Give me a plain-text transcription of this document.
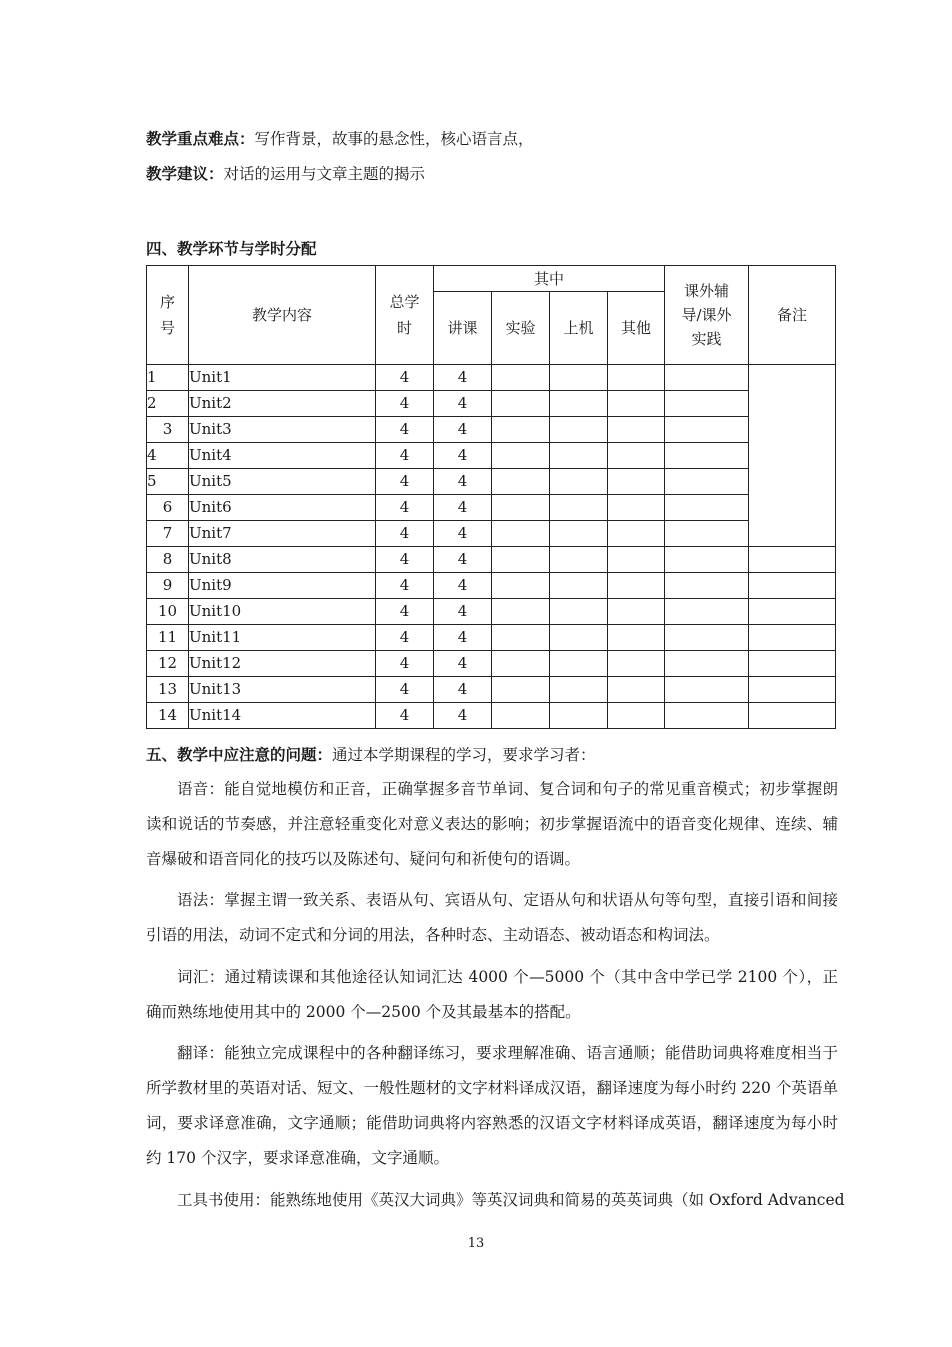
教学重点难点：写作背景，故事的悬念性，核心语言点，
教学建议：对话的运用与文章主题的揭示
四、教学环节与学时分配
序号	教学内容	总学时	其中				课外辅导/课外实践	备注
			讲课	实验	上机	其他		
1	Unit1	4	4					
2	Unit2	4	4					
3	Unit3	4	4					
4	Unit4	4	4					
5	Unit5	4	4					
6	Unit6	4	4					
7	Unit7	4	4					
8	Unit8	4	4					
9	Unit9	4	4					
10	Unit10	4	4					
11	Unit11	4	4					
12	Unit12	4	4					
13	Unit13	4	4					
14	Unit14	4	4					
五、教学中应注意的问题：通过本学期课程的学习，要求学习者：
语音：能自觉地模仿和正音，正确掌握多音节单词、复合词和句子的常见重音模式；初步掌握朗读和说话的节奏感，并注意轻重变化对意义表达的影响；初步掌握语流中的语音变化规律、连续、辅音爆破和语音同化的技巧以及陈述句、疑问句和祈使句的语调。
语法：掌握主谓一致关系、表语从句、宾语从句、定语从句和状语从句等句型，直接引语和间接引语的用法，动词不定式和分词的用法，各种时态、主动语态、被动语态和构词法。
词汇：通过精读课和其他途径认知词汇达 4000 个—5000 个（其中含中学已学 2100 个），正确而熟练地使用其中的 2000 个—2500 个及其最基本的搭配。
翻译：能独立完成课程中的各种翻译练习，要求理解准确、语言通顺；能借助词典将难度相当于所学教材里的英语对话、短文、一般性题材的文字材料译成汉语，翻译速度为每小时约 220 个英语单词，要求译意准确，文字通顺；能借助词典将内容熟悉的汉语文字材料译成英语，翻译速度为每小时约 170 个汉字，要求译意准确，文字通顺。
工具书使用：能熟练地使用《英汉大词典》等英汉词典和简易的英英词典（如 Oxford Advanced
13
